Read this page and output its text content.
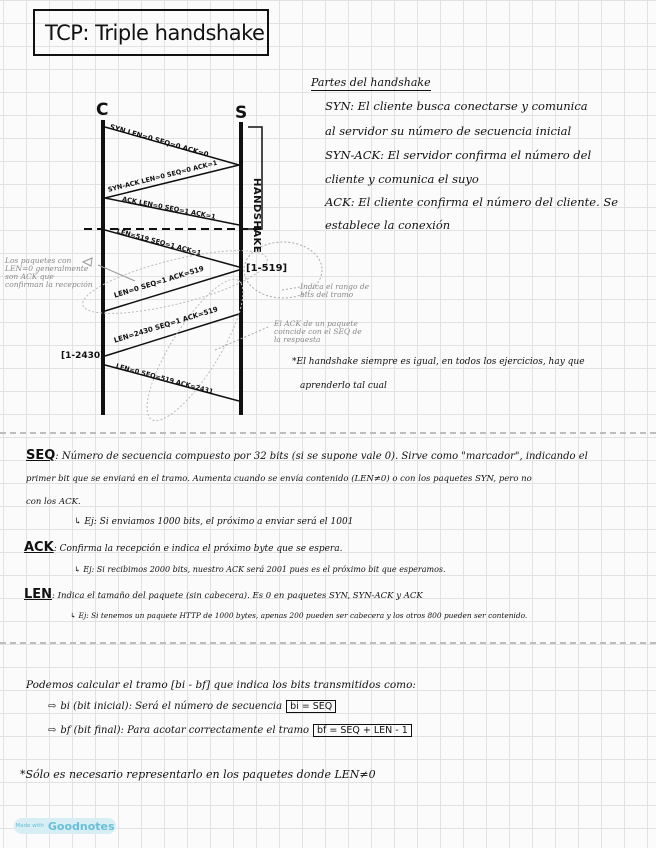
TCP: Triple handshake
C	S
HANDSHAKE
SYN LEN=0 SEQ=0 ACK=0
SYN-ACK LEN=0 SEQ=0 ACK=1
ACK LEN=0 SEQ=1 ACK=1
LEN=519 SEQ=1 ACK=1
LEN=0 SEQ=1 ACK=519
LEN=2430 SEQ=1 ACK=519
LEN=0 SEQ=519 ACK=2431
[1-519]
[1-2430]
Los paquetes con LEN=0 generalmente son ACK que confirman la recepción	Indica el rango de bits del tramo
El ACK de un paquete coincide con el SEQ de la respuesta
Partes del handshake
SYN: El cliente busca conectarse y comunica
al servidor su número de secuencia inicial
SYN-ACK: El servidor confirma el número del
cliente y comunica el suyo
ACK: El cliente confirma el número del cliente. Se
establece la conexión
*El handshake siempre es igual, en todos los ejercicios, hay que
aprenderlo tal cual
SEQ: Número de secuencia compuesto por 32 bits (si se supone vale 0). Sirve como "marcador", indicando el
primer bit que se enviará en el tramo. Aumenta cuando se envía contenido (LEN≠0) o con los paquetes SYN, pero no
con los ACK.
↳ Ej: Si enviamos 1000 bits, el próximo a enviar será el 1001
ACK: Confirma la recepción e indica el próximo byte que se espera.
↳ Ej: Si recibimos 2000 bits, nuestro ACK será 2001 pues es el próximo bit que esperamos.
LEN: Indica el tamaño del paquete (sin cabecera). Es 0 en paquetes SYN, SYN-ACK y ACK
↳ Ej: Si tenemos un paquete HTTP de 1000 bytes, apenas 200 pueden ser cabecera y los otros 800 pueden ser contenido.
Podemos calcular el tramo [bi - bf] que indica los bits transmitidos como:
⇨ bi (bit inicial): Será el número de secuencia bi = SEQ
⇨ bf (bit final): Para acotar correctamente el tramo bf = SEQ + LEN - 1
*Sólo es necesario representarlo en los paquetes donde LEN≠0
Made with Goodnotes
